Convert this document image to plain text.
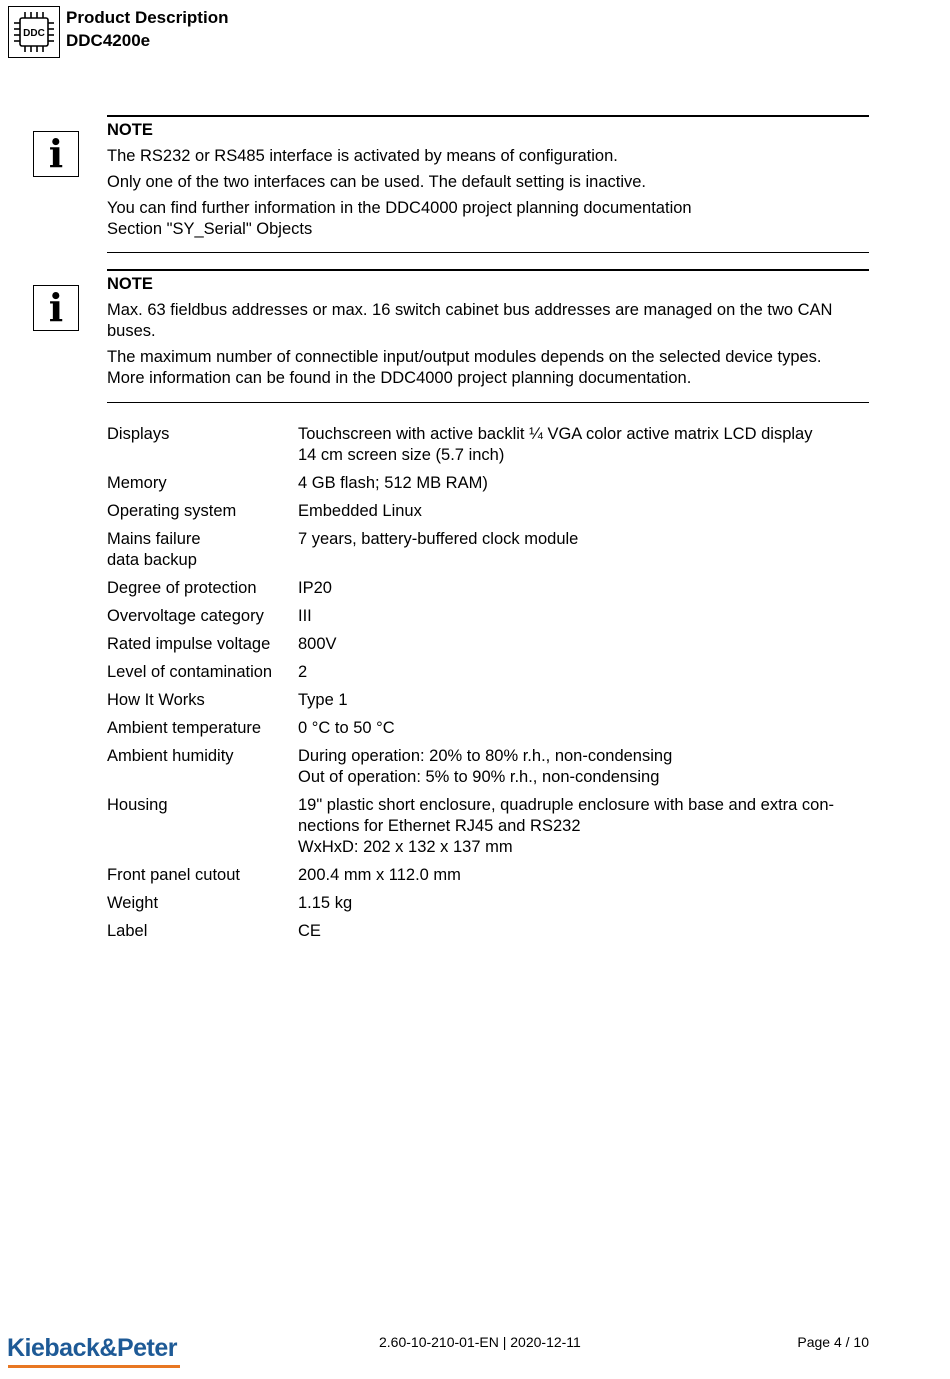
DDC
Product Description
DDC4200e
i
NOTE

The RS232 or RS485 interface is activated by means of configuration.

Only one of the two interfaces can be used. The default setting is inactive.

You can find further information in the DDC4000 project planning documentation

Section "SY_Serial" Objects

i
NOTE

Max. 63 fieldbus addresses or max. 16 switch cabinet bus addresses are managed on the two CAN buses.

The maximum number of connectible input/output modules depends on the selected device types.

More information can be found in the DDC4000 project planning documentation.

Displays	Touchscreen with active backlit ¼ VGA color active matrix LCD display
14 cm screen size (5.7 inch)

Memory	4 GB flash; 512 MB RAM)

Operating system	Embedded Linux

Mains failure
data backup	7 years, battery-buffered clock module

Degree of protection	IP20

Overvoltage category	III

Rated impulse voltage	800V

Level of contamination	2

How It Works	Type 1

Ambient temperature	0 °C to 50 °C

Ambient humidity	During operation: 20% to 80% r.h., non-condensing
Out of operation: 5% to 90% r.h., non-condensing

Housing	19" plastic short enclosure, quadruple enclosure with base and extra con-
nections for Ethernet RJ45 and RS232
WxHxD: 202 x 132 x 137 mm

Front panel cutout	200.4 mm x 112.0 mm

Weight	1.15 kg

Label	CE
Kieback&Peter	2.60-10-210-01-EN | 2020-12-11	Page 4 / 10
